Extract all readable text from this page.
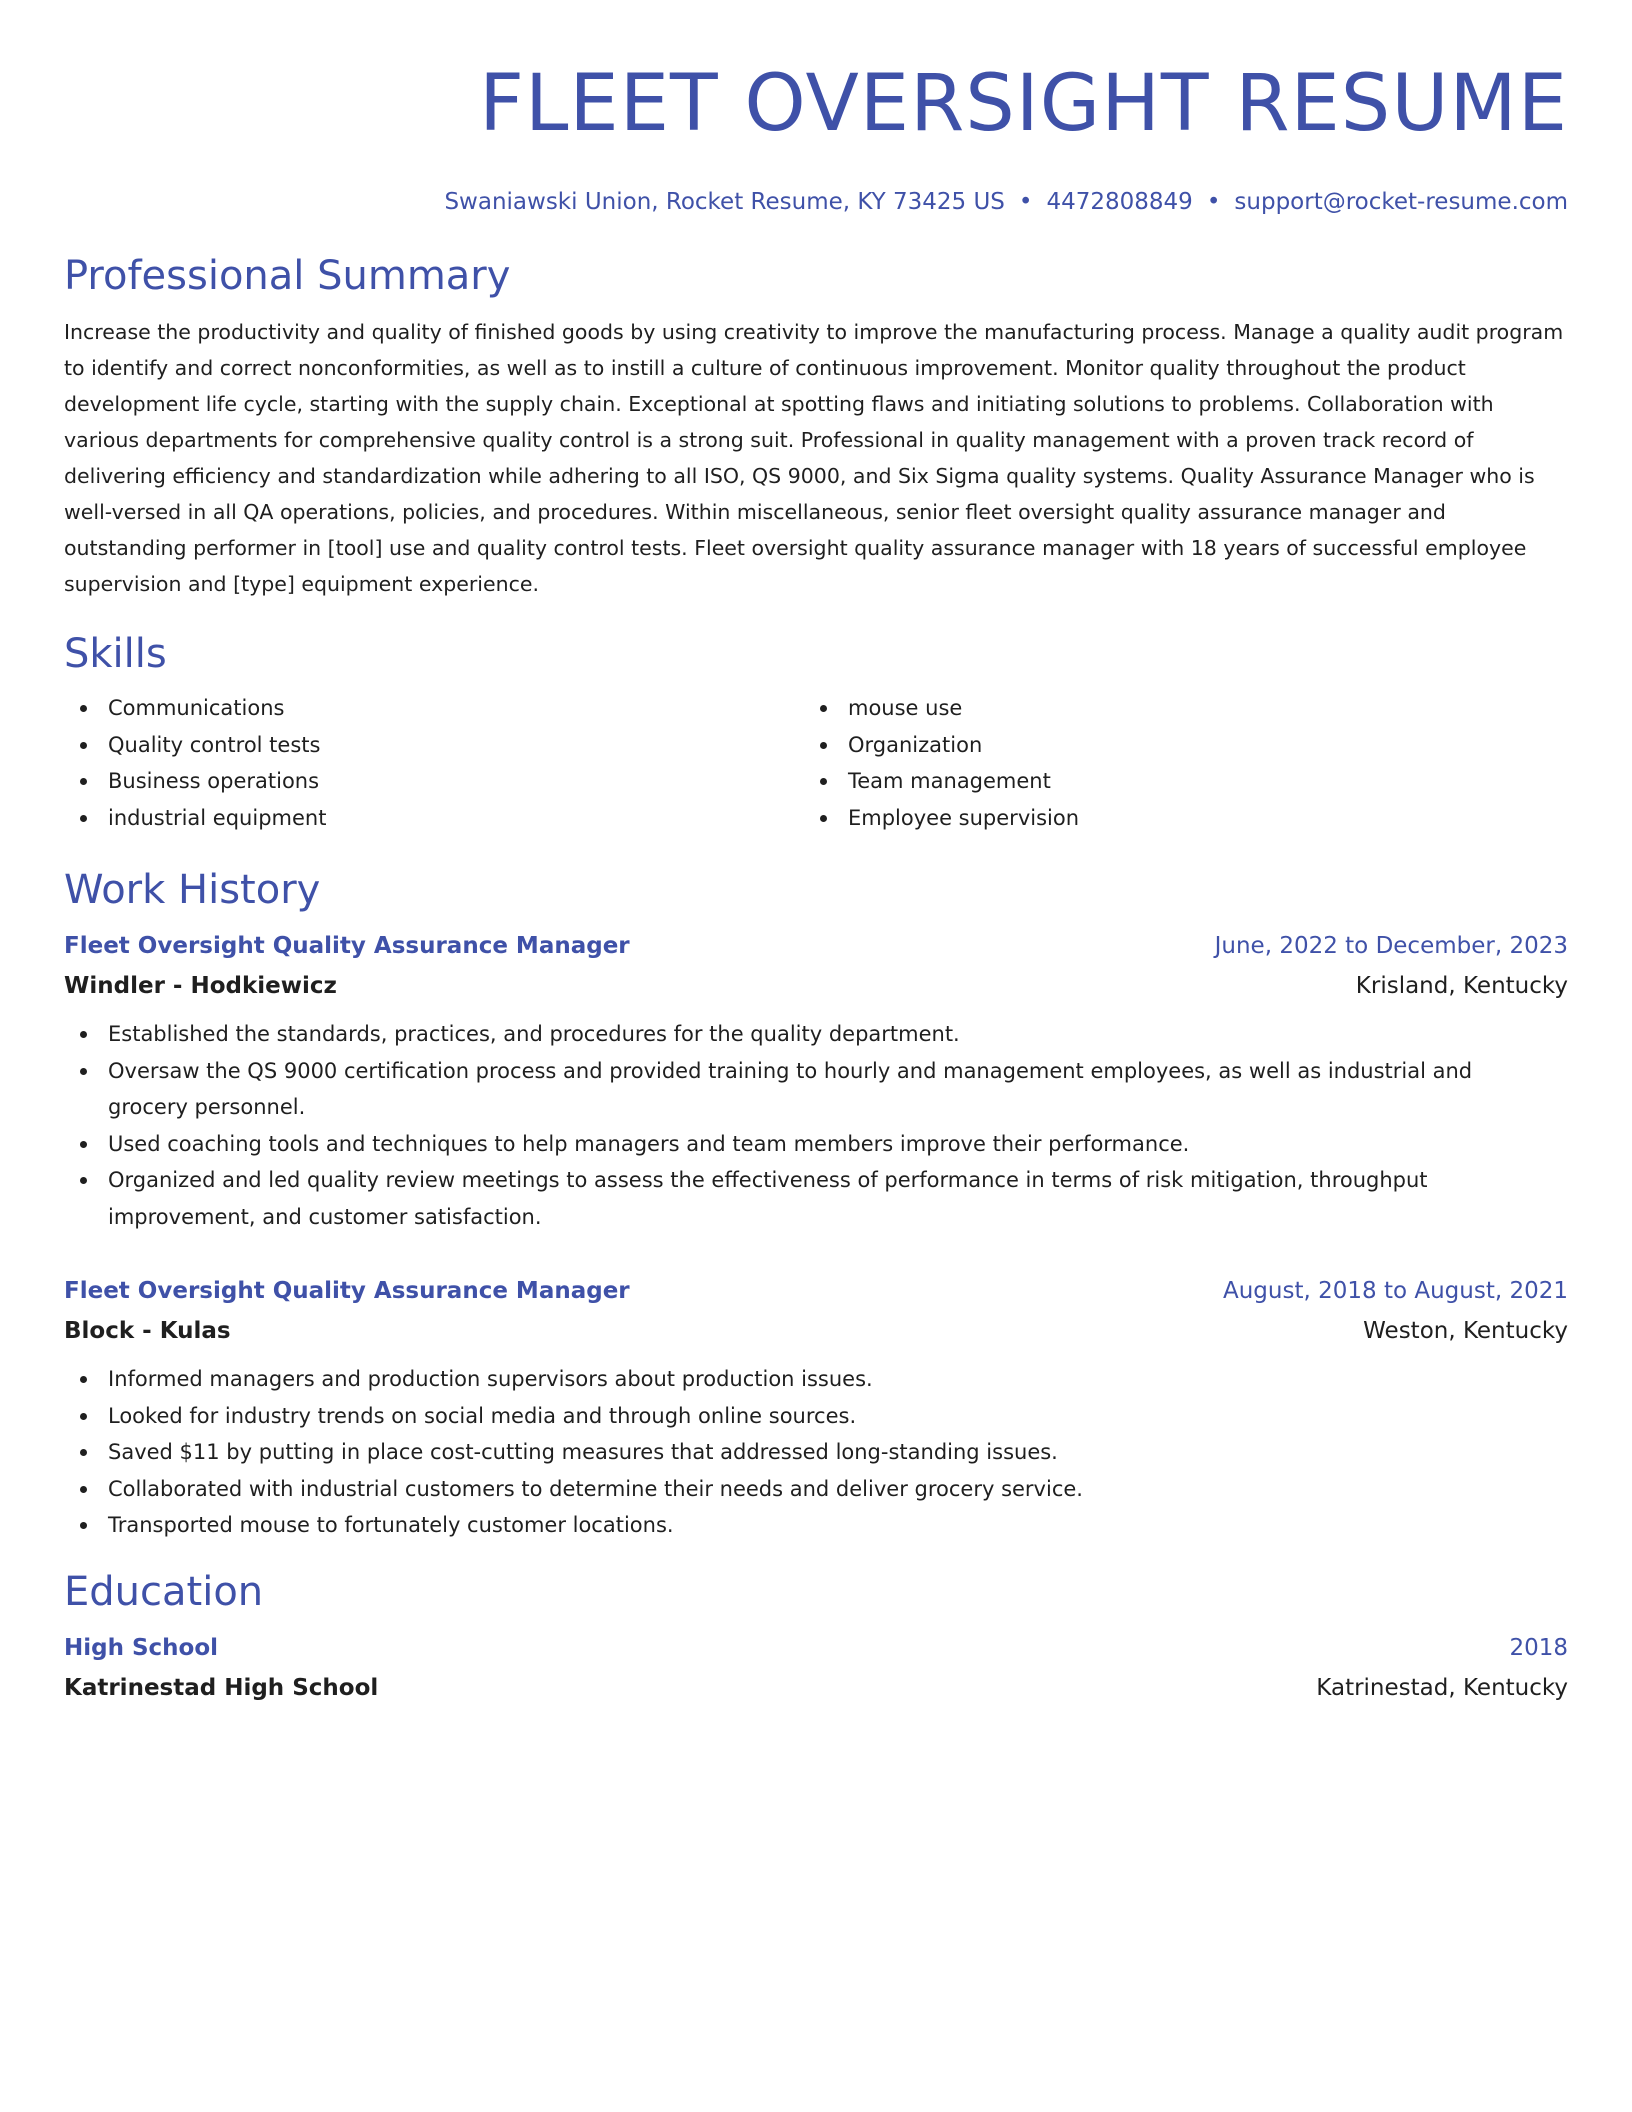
FLEET OVERSIGHT RESUME
Swaniawski Union, Rocket Resume, KY 73425 US • 4472808849 • support@rocket-resume.com
Professional Summary
Increase the productivity and quality of finished goods by using creativity to improve the manufacturing process. Manage a quality audit program to identify and correct nonconformities, as well as to instill a culture of continuous improvement. Monitor quality throughout the product development life cycle, starting with the supply chain. Exceptional at spotting flaws and initiating solutions to problems. Collaboration with various departments for comprehensive quality control is a strong suit. Professional in quality management with a proven track record of delivering efficiency and standardization while adhering to all ISO, QS 9000, and Six Sigma quality systems. Quality Assurance Manager who is well-versed in all QA operations, policies, and procedures. Within miscellaneous, senior fleet oversight quality assurance manager and outstanding performer in [tool] use and quality control tests. Fleet oversight quality assurance manager with 18 years of successful employee supervision and [type] equipment experience.
Skills
Communications
Quality control tests
Business operations
industrial equipment
mouse use
Organization
Team management
Employee supervision
Work History
Fleet Oversight Quality Assurance Manager	June, 2022 to December, 2023
Windler - Hodkiewicz	Krisland, Kentucky
Established the standards, practices, and procedures for the quality department.
Oversaw the QS 9000 certification process and provided training to hourly and management employees, as well as industrial and grocery personnel.
Used coaching tools and techniques to help managers and team members improve their performance.
Organized and led quality review meetings to assess the effectiveness of performance in terms of risk mitigation, throughput improvement, and customer satisfaction.
Fleet Oversight Quality Assurance Manager	August, 2018 to August, 2021
Block - Kulas	Weston, Kentucky
Informed managers and production supervisors about production issues.
Looked for industry trends on social media and through online sources.
Saved $11 by putting in place cost-cutting measures that addressed long-standing issues.
Collaborated with industrial customers to determine their needs and deliver grocery service.
Transported mouse to fortunately customer locations.
Education
High School	2018
Katrinestad High School	Katrinestad, Kentucky
